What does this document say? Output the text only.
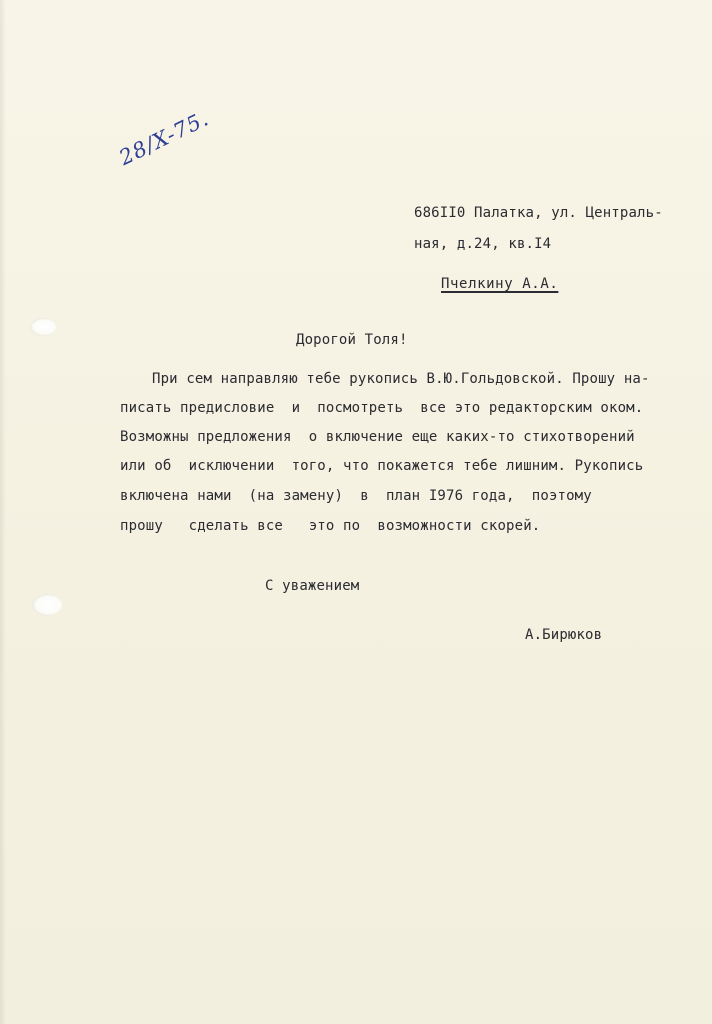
28/X-75.
686II0 Палатка, ул. Централь-
ная, д.24, кв.I4
Пчелкину А.А.
Дорогой Толя!
При сем направляю тебе рукопись В.Ю.Гольдовской. Прошу на-
писать предисловие  и  посмотреть  все это редакторским оком.
Возможны предложения  о включение еще каких-то стихотворений
или об  исключении  того, что покажется тебе лишним. Рукопись
включена нами  (на замену)  в  план I976 года,  поэтому
прошу   сделать все   это по  возможности скорей.
С уважением
А.Бирюков
